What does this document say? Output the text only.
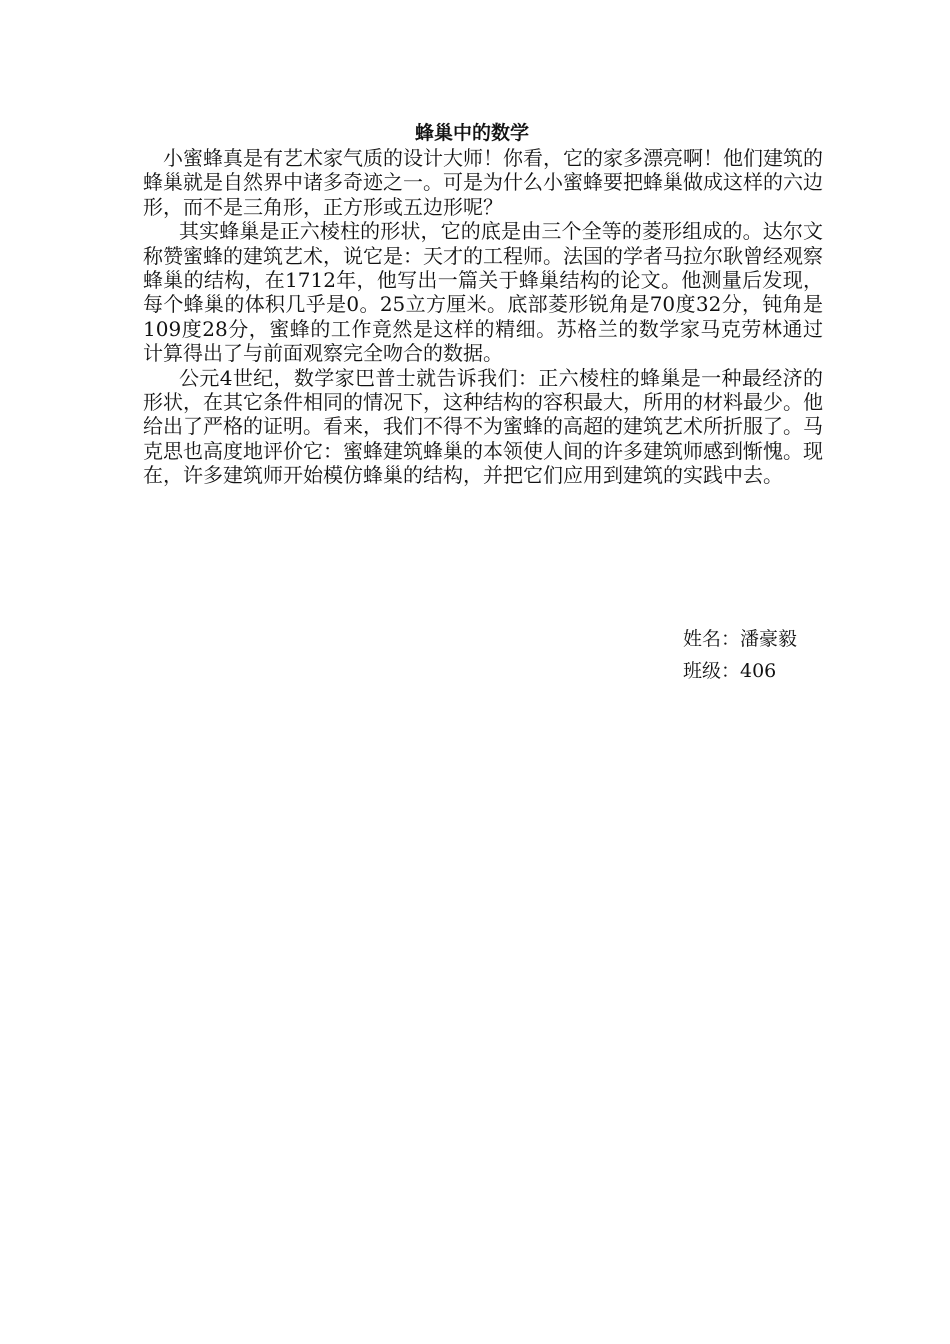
蜂巢中的数学

小蜜蜂真是有艺术家气质的设计大师！你看，它的家多漂亮啊！他们建筑的蜂巢就是自然界中诸多奇迹之一。可是为什么小蜜蜂要把蜂巢做成这样的六边形，而不是三角形，正方形或五边形呢？

其实蜂巢是正六棱柱的形状，它的底是由三个全等的菱形组成的。达尔文称赞蜜蜂的建筑艺术，说它是：天才的工程师。法国的学者马拉尔耿曾经观察蜂巢的结构，在1712年，他写出一篇关于蜂巢结构的论文。他测量后发现，每个蜂巢的体积几乎是0。25立方厘米。底部菱形锐角是70度32分，钝角是109度28分，蜜蜂的工作竟然是这样的精细。苏格兰的数学家马克劳林通过计算得出了与前面观察完全吻合的数据。

公元4世纪，数学家巴普士就告诉我们：正六棱柱的蜂巢是一种最经济的形状，在其它条件相同的情况下，这种结构的容积最大，所用的材料最少。他给出了严格的证明。看来，我们不得不为蜜蜂的高超的建筑艺术所折服了。马克思也高度地评价它：蜜蜂建筑蜂巢的本领使人间的许多建筑师感到惭愧。现在，许多建筑师开始模仿蜂巢的结构，并把它们应用到建筑的实践中去。

姓名：潘豪毅
班级：406
